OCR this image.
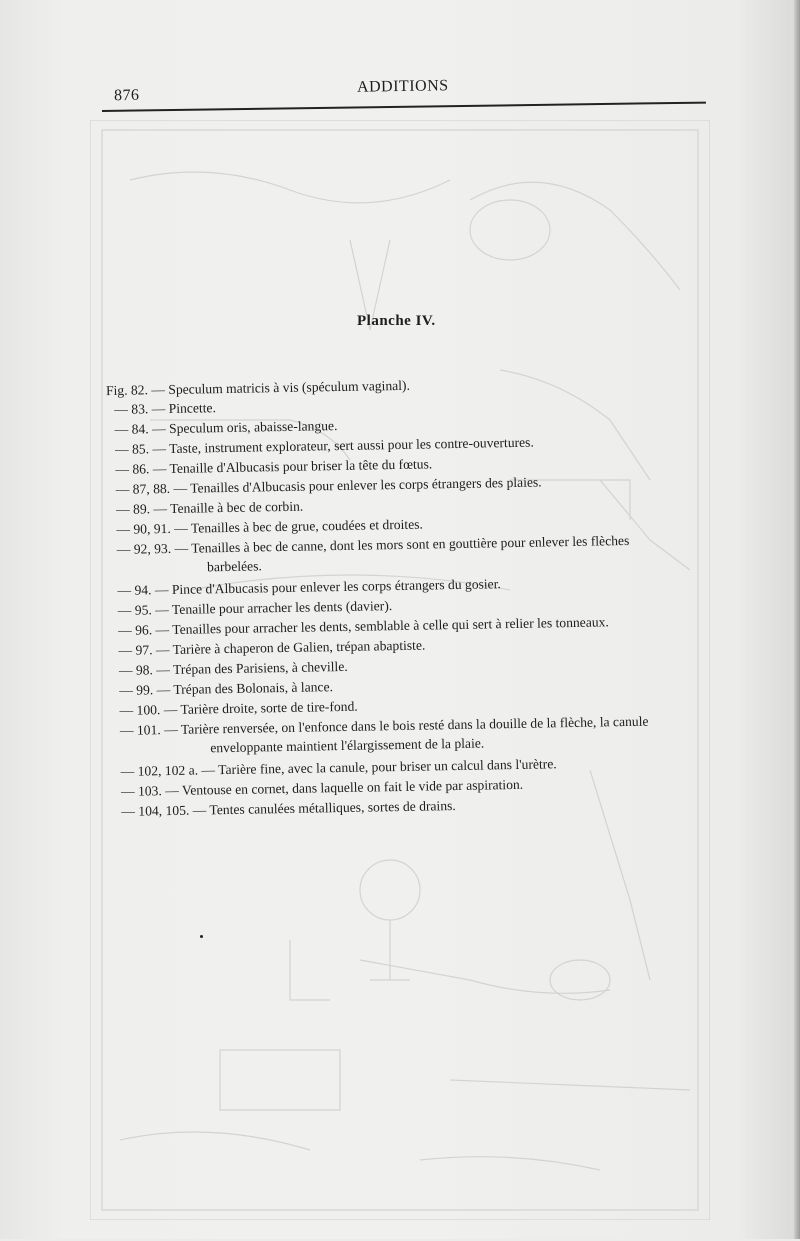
876	ADDITIONS
Planche IV.
Fig. 82. — Speculum matricis à vis (spéculum vaginal).
— 83. — Pincette.
— 84. — Speculum oris, abaisse-langue.
— 85. — Taste, instrument explorateur, sert aussi pour les contre-ouvertures.
— 86. — Tenaille d'Albucasis pour briser la tête du fœtus.
— 87, 88. — Tenailles d'Albucasis pour enlever les corps étrangers des plaies.
— 89. — Tenaille à bec de corbin.
— 90, 91. — Tenailles à bec de grue, coudées et droites.
— 92, 93. — Tenailles à bec de canne, dont les mors sont en gouttière pour enlever les flèches
barbelées.
— 94. — Pince d'Albucasis pour enlever les corps étrangers du gosier.
— 95. — Tenaille pour arracher les dents (davier).
— 96. — Tenailles pour arracher les dents, semblable à celle qui sert à relier les tonneaux.
— 97. — Tarière à chaperon de Galien, trépan abaptiste.
— 98. — Trépan des Parisiens, à cheville.
— 99. — Trépan des Bolonais, à lance.
— 100. — Tarière droite, sorte de tire-fond.
— 101. — Tarière renversée, on l'enfonce dans le bois resté dans la douille de la flèche, la canule
enveloppante maintient l'élargissement de la plaie.
— 102, 102 a. — Tarière fine, avec la canule, pour briser un calcul dans l'urètre.
— 103. — Ventouse en cornet, dans laquelle on fait le vide par aspiration.
— 104, 105. — Tentes canulées métalliques, sortes de drains.
